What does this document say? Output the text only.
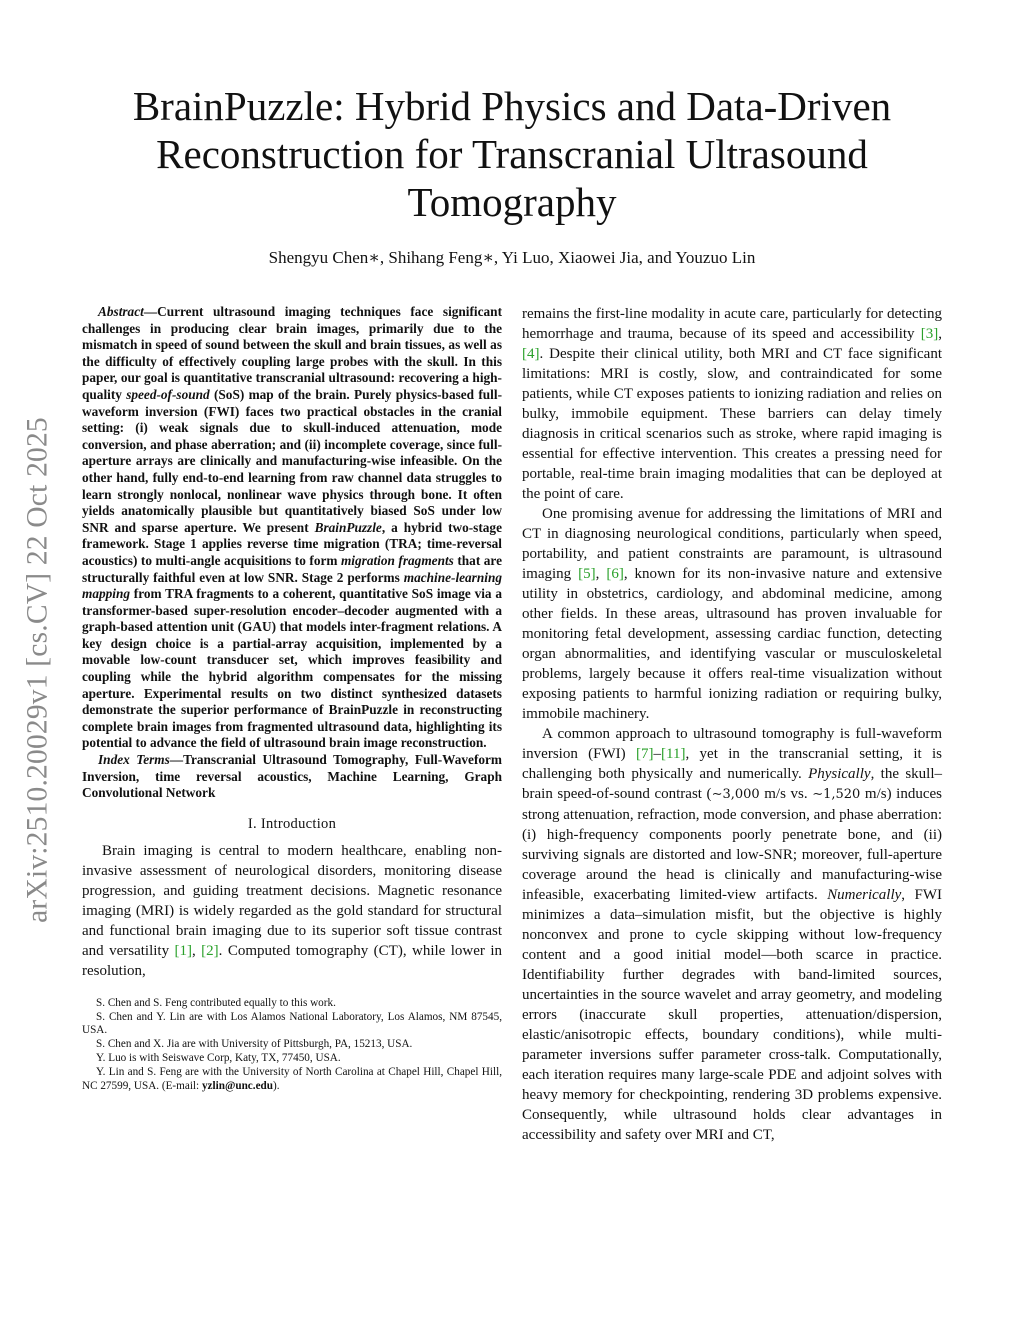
arXiv:2510.20029v1 [cs.CV] 22 Oct 2025
BrainPuzzle: Hybrid Physics and Data-Driven Reconstruction for Transcranial Ultrasound Tomography
Shengyu Chen∗, Shihang Feng∗, Yi Luo, Xiaowei Jia, and Youzuo Lin

Abstract—Current ultrasound imaging techniques face significant challenges in producing clear brain images, primarily due to the mismatch in speed of sound between the skull and brain tissues, as well as the difficulty of effectively coupling large probes with the skull. In this paper, our goal is quantitative transcranial ultrasound: recovering a high-quality speed-of-sound (SoS) map of the brain. Purely physics-based full-waveform inversion (FWI) faces two practical obstacles in the cranial setting: (i) weak signals due to skull-induced attenuation, mode conversion, and phase aberration; and (ii) incomplete coverage, since full-aperture arrays are clinically and manufacturing-wise infeasible. On the other hand, fully end-to-end learning from raw channel data struggles to learn strongly nonlocal, nonlinear wave physics through bone. It often yields anatomically plausible but quantitatively biased SoS under low SNR and sparse aperture. We present BrainPuzzle, a hybrid two-stage framework. Stage 1 applies reverse time migration (TRA; time-reversal acoustics) to multi-angle acquisitions to form migration fragments that are structurally faithful even at low SNR. Stage 2 performs machine-learning mapping from TRA fragments to a coherent, quantitative SoS image via a transformer-based super-resolution encoder–decoder augmented with a graph-based attention unit (GAU) that models inter-fragment relations. A key design choice is a partial-array acquisition, implemented by a movable low-count transducer set, which improves feasibility and coupling while the hybrid algorithm compensates for the missing aperture. Experimental results on two distinct synthesized datasets demonstrate the superior performance of BrainPuzzle in reconstructing complete brain images from fragmented ultrasound data, highlighting its potential to advance the field of ultrasound brain image reconstruction.

Index Terms—Transcranial Ultrasound Tomography, Full-Waveform Inversion, time reversal acoustics, Machine Learning, Graph Convolutional Network

I. Introduction

Brain imaging is central to modern healthcare, enabling non-invasive assessment of neurological disorders, monitoring disease progression, and guiding treatment decisions. Magnetic resonance imaging (MRI) is widely regarded as the gold standard for structural and functional brain imaging due to its superior soft tissue contrast and versatility [1], [2]. Computed tomography (CT), while lower in resolution,

S. Chen and S. Feng contributed equally to this work.

S. Chen and Y. Lin are with Los Alamos National Laboratory, Los Alamos, NM 87545, USA.

S. Chen and X. Jia are with University of Pittsburgh, PA, 15213, USA.

Y. Luo is with Seiswave Corp, Katy, TX, 77450, USA.

Y. Lin and S. Feng are with the University of North Carolina at Chapel Hill, Chapel Hill, NC 27599, USA. (E-mail: yzlin@unc.edu).

remains the first-line modality in acute care, particularly for detecting hemorrhage and trauma, because of its speed and accessibility [3], [4]. Despite their clinical utility, both MRI and CT face significant limitations: MRI is costly, slow, and contraindicated for some patients, while CT exposes patients to ionizing radiation and relies on bulky, immobile equipment. These barriers can delay timely diagnosis in critical scenarios such as stroke, where rapid imaging is essential for effective intervention. This creates a pressing need for portable, real-time brain imaging modalities that can be deployed at the point of care.

One promising avenue for addressing the limitations of MRI and CT in diagnosing neurological conditions, particularly when speed, portability, and patient constraints are paramount, is ultrasound imaging [5], [6], known for its non-invasive nature and extensive utility in obstetrics, cardiology, and abdominal medicine, among other fields. In these areas, ultrasound has proven invaluable for monitoring fetal development, assessing cardiac function, detecting organ abnormalities, and identifying vascular or musculoskeletal problems, largely because it offers real-time visualization without exposing patients to harmful ionizing radiation or requiring bulky, immobile machinery.

A common approach to ultrasound tomography is full-waveform inversion (FWI) [7]–[11], yet in the transcranial setting, it is challenging both physically and numerically. Physically, the skull–brain speed-of-sound contrast (∼3,000 m/s vs. ∼1,520 m/s) induces strong attenuation, refraction, mode conversion, and phase aberration: (i) high-frequency components poorly penetrate bone, and (ii) surviving signals are distorted and low-SNR; moreover, full-aperture coverage around the head is clinically and manufacturing-wise infeasible, exacerbating limited-view artifacts. Numerically, FWI minimizes a data–simulation misfit, but the objective is highly nonconvex and prone to cycle skipping without low-frequency content and a good initial model—both scarce in practice. Identifiability further degrades with band-limited sources, uncertainties in the source wavelet and array geometry, and modeling errors (inaccurate skull properties, attenuation/dispersion, elastic/anisotropic effects, boundary conditions), while multi-parameter inversions suffer parameter cross-talk. Computationally, each iteration requires many large-scale PDE and adjoint solves with heavy memory for checkpointing, rendering 3D problems expensive. Consequently, while ultrasound holds clear advantages in accessibility and safety over MRI and CT,
